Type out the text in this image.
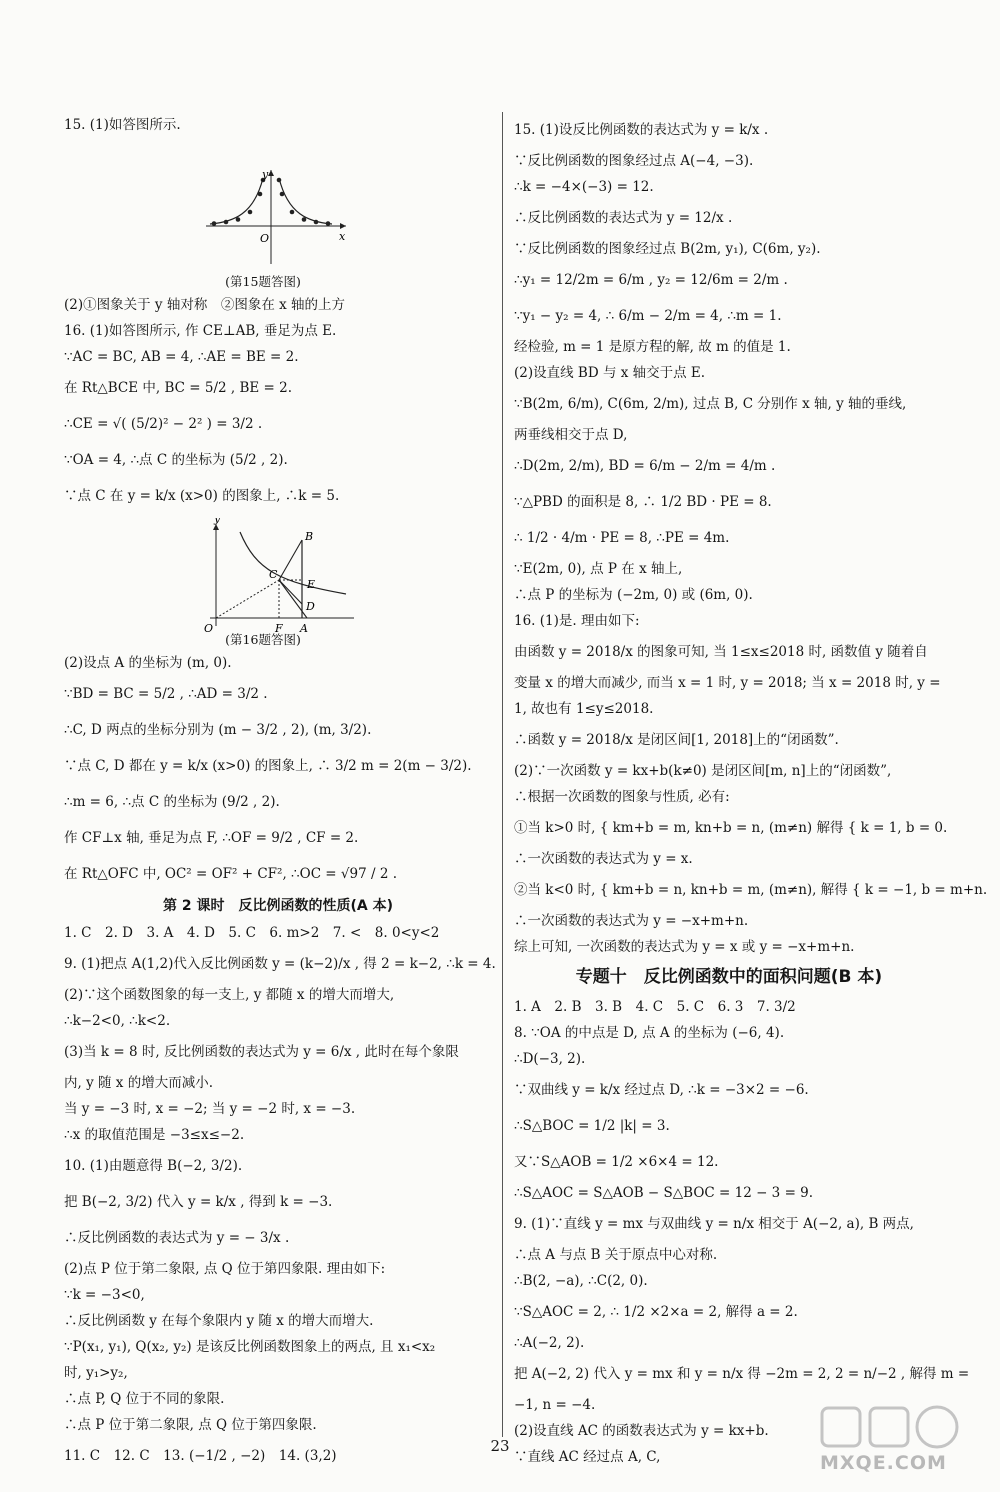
15. (1)如答图所示.
y
x
O
(第15题答图)
(2)①图象关于 y 轴对称　②图象在 x 轴的上方
16. (1)如答图所示, 作 CE⊥AB, 垂足为点 E.
∵AC = BC, AB = 4, ∴AE = BE = 2.
在 Rt△BCE 中, BC = 5/2 , BE = 2.
∴CE = √( (5/2)² − 2² ) = 3/2 .
∵OA = 4, ∴点 C 的坐标为 (5/2 , 2).
∵点 C 在 y = k/x (x>0) 的图象上, ∴k = 5.
y
O	F A
B
C
E
D
(第16题答图)
(2)设点 A 的坐标为 (m, 0).
∵BD = BC = 5/2 , ∴AD = 3/2 .
∴C, D 两点的坐标分别为 (m − 3/2 , 2), (m, 3/2).
∵点 C, D 都在 y = k/x (x>0) 的图象上, ∴ 3/2 m = 2(m − 3/2).
∴m = 6, ∴点 C 的坐标为 (9/2 , 2).
作 CF⊥x 轴, 垂足为点 F, ∴OF = 9/2 , CF = 2.
在 Rt△OFC 中, OC² = OF² + CF², ∴OC = √97 / 2 .
第 2 课时　反比例函数的性质(A 本)
1. C　2. D　3. A　4. D　5. C　6. m>2　7. <　8. 0<y<2
9. (1)把点 A(1,2)代入反比例函数 y = (k−2)/x , 得 2 = k−2, ∴k = 4.
(2)∵这个函数图象的每一支上, y 都随 x 的增大而增大,
∴k−2<0, ∴k<2.
(3)当 k = 8 时, 反比例函数的表达式为 y = 6/x , 此时在每个象限
内, y 随 x 的增大而减小.
当 y = −3 时, x = −2; 当 y = −2 时, x = −3.
∴x 的取值范围是 −3≤x≤−2.
10. (1)由题意得 B(−2, 3/2).
把 B(−2, 3/2) 代入 y = k/x , 得到 k = −3.
∴反比例函数的表达式为 y = − 3/x .
(2)点 P 位于第二象限, 点 Q 位于第四象限. 理由如下:
∵k = −3<0,
∴反比例函数 y 在每个象限内 y 随 x 的增大而增大.
∵P(x₁, y₁), Q(x₂, y₂) 是该反比例函数图象上的两点, 且 x₁<x₂
时, y₁>y₂,
∴点 P, Q 位于不同的象限.
∴点 P 位于第二象限, 点 Q 位于第四象限.
11. C　12. C　13. (−1/2 , −2)　14. (3,2)
15. (1)设反比例函数的表达式为 y = k/x .
∵反比例函数的图象经过点 A(−4, −3).
∴k = −4×(−3) = 12.
∴反比例函数的表达式为 y = 12/x .
∵反比例函数的图象经过点 B(2m, y₁), C(6m, y₂).
∴y₁ = 12/2m = 6/m , y₂ = 12/6m = 2/m .
∵y₁ − y₂ = 4, ∴ 6/m − 2/m = 4, ∴m = 1.
经检验, m = 1 是原方程的解, 故 m 的值是 1.
(2)设直线 BD 与 x 轴交于点 E.
∵B(2m, 6/m), C(6m, 2/m), 过点 B, C 分别作 x 轴, y 轴的垂线,
两垂线相交于点 D,
∴D(2m, 2/m), BD = 6/m − 2/m = 4/m .
∵△PBD 的面积是 8, ∴ 1/2 BD · PE = 8.
∴ 1/2 · 4/m · PE = 8, ∴PE = 4m.
∵E(2m, 0), 点 P 在 x 轴上,
∴点 P 的坐标为 (−2m, 0) 或 (6m, 0).
16. (1)是. 理由如下:
由函数 y = 2018/x 的图象可知, 当 1≤x≤2018 时, 函数值 y 随着自
变量 x 的增大而减少, 而当 x = 1 时, y = 2018; 当 x = 2018 时, y =
1, 故也有 1≤y≤2018.
∴函数 y = 2018/x 是闭区间[1, 2018]上的“闭函数”.
(2)∵一次函数 y = kx+b(k≠0) 是闭区间[m, n]上的“闭函数”,
∴根据一次函数的图象与性质, 必有:
①当 k>0 时, { km+b = m, kn+b = n, (m≠n) 解得 { k = 1, b = 0.
∴一次函数的表达式为 y = x.
②当 k<0 时, { km+b = n, kn+b = m, (m≠n), 解得 { k = −1, b = m+n.
∴一次函数的表达式为 y = −x+m+n.
综上可知, 一次函数的表达式为 y = x 或 y = −x+m+n.
专题十　反比例函数中的面积问题(B 本)
1. A　2. B　3. B　4. C　5. C　6. 3　7. 3/2
8. ∵OA 的中点是 D, 点 A 的坐标为 (−6, 4).
∴D(−3, 2).
∵双曲线 y = k/x 经过点 D, ∴k = −3×2 = −6.
∴S△BOC = 1/2 |k| = 3.
又∵S△AOB = 1/2 ×6×4 = 12.
∴S△AOC = S△AOB − S△BOC = 12 − 3 = 9.
9. (1)∵直线 y = mx 与双曲线 y = n/x 相交于 A(−2, a), B 两点,
∴点 A 与点 B 关于原点中心对称.
∴B(2, −a), ∴C(2, 0).
∵S△AOC = 2, ∴ 1/2 ×2×a = 2, 解得 a = 2.
∴A(−2, 2).
把 A(−2, 2) 代入 y = mx 和 y = n/x 得 −2m = 2, 2 = n/−2 , 解得 m =
−1, n = −4.
(2)设直线 AC 的函数表达式为 y = kx+b.
∵直线 AC 经过点 A, C,
23
MXQE.COM
